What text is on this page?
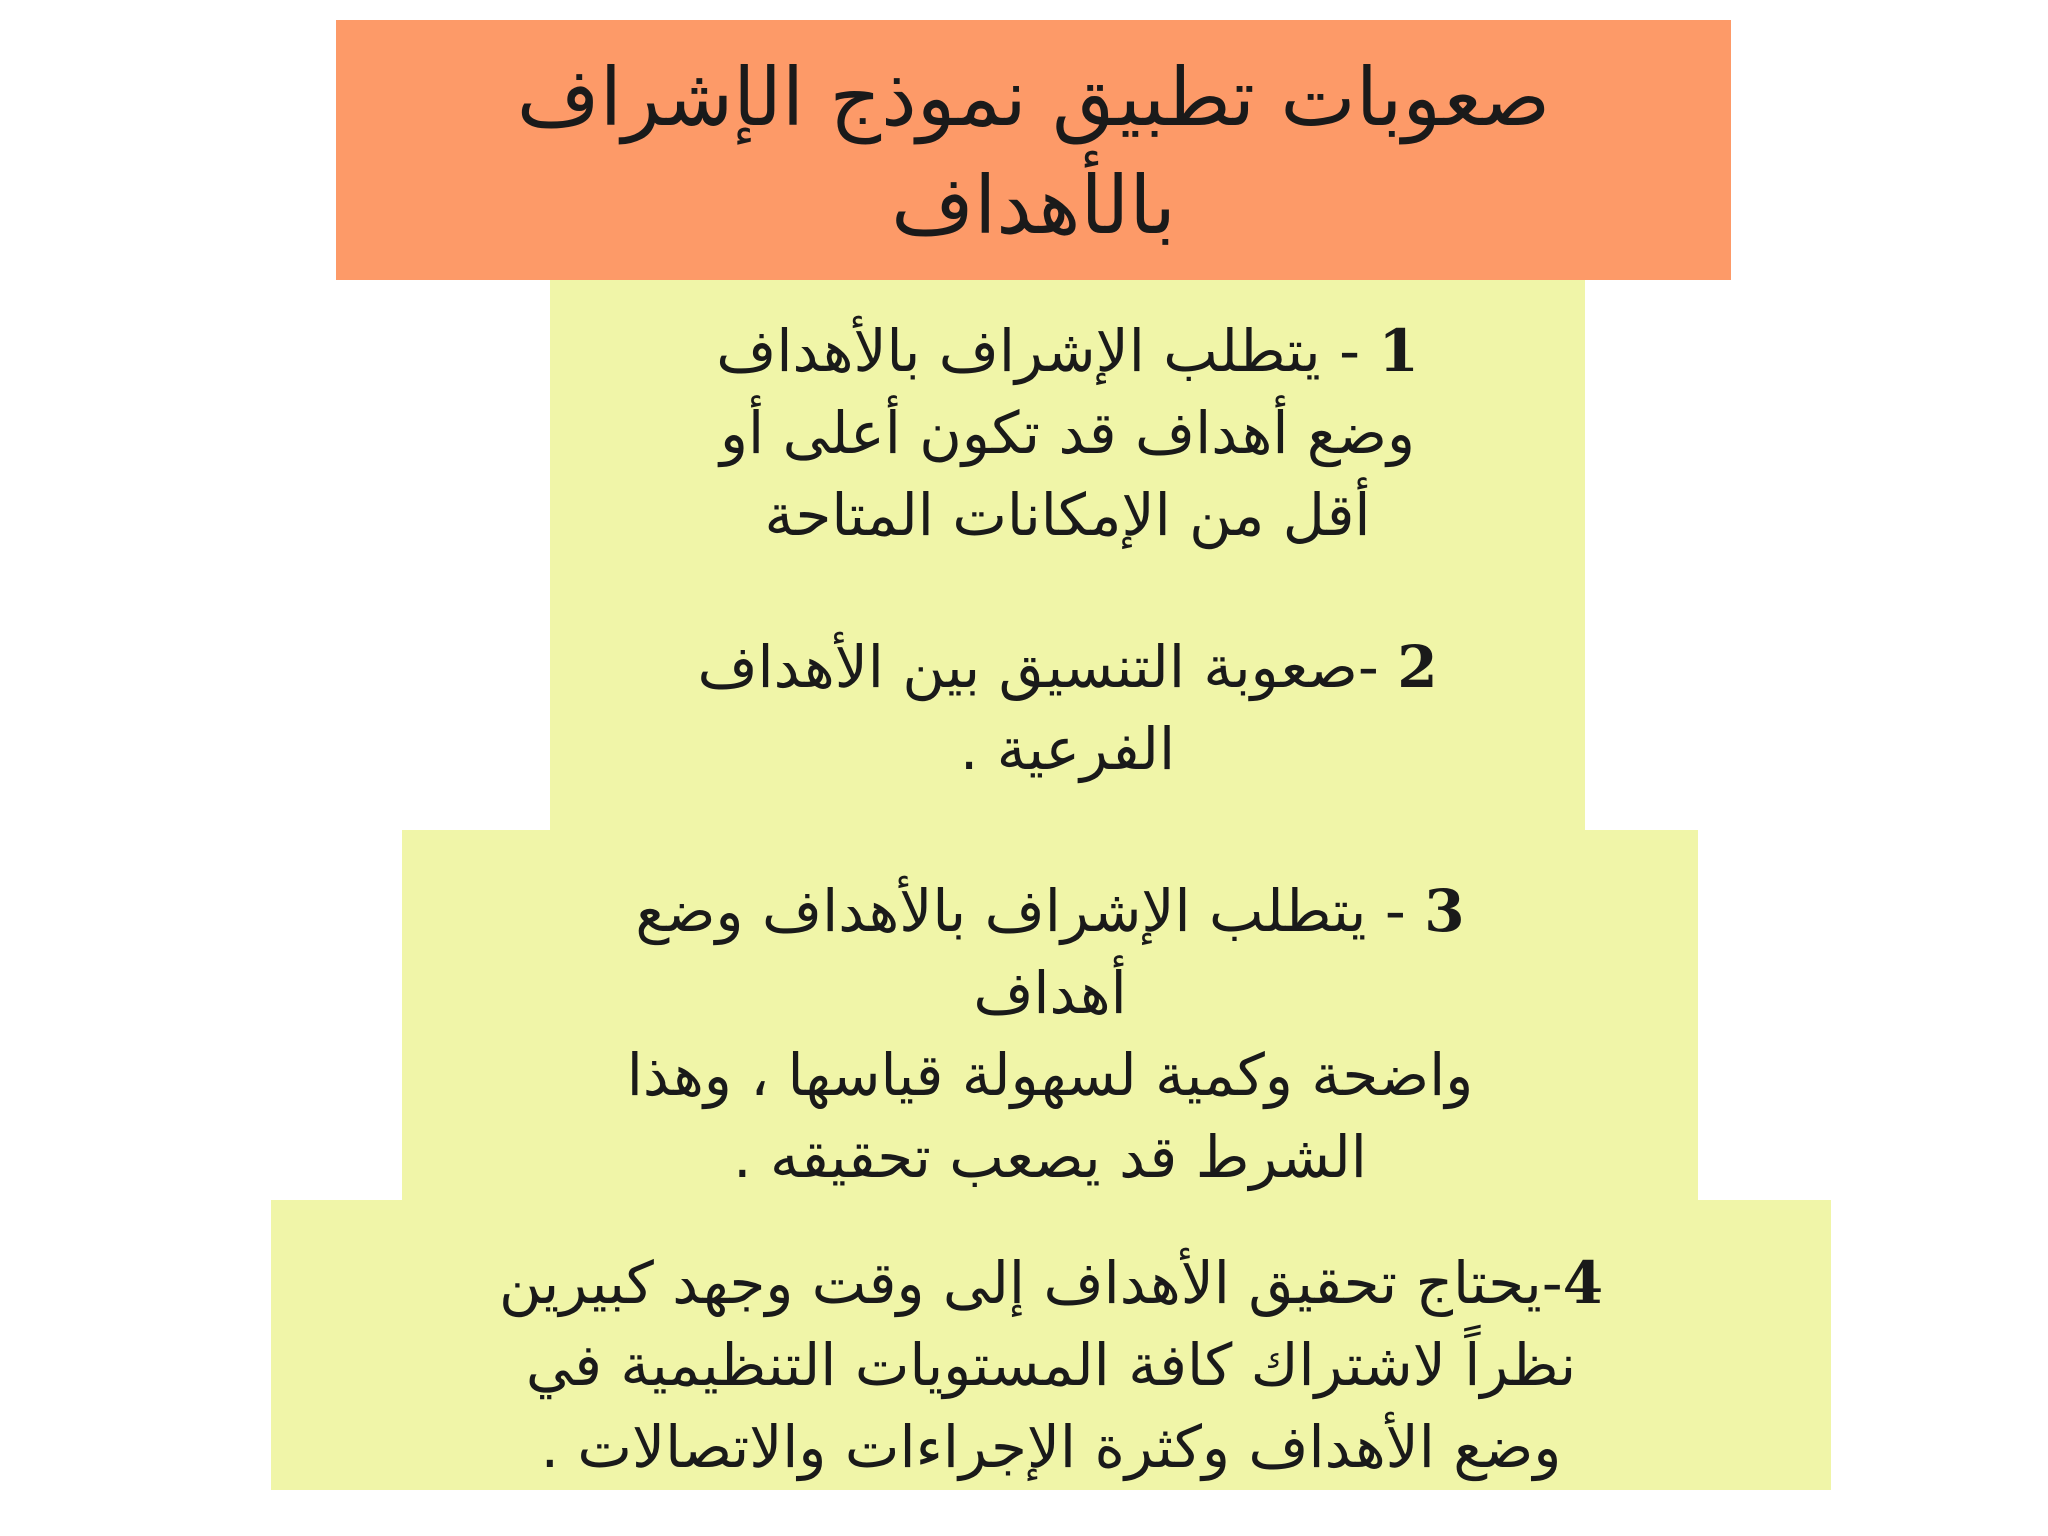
صعوبات تطبيق نموذج الإشراف
بالأهداف
1 - يتطلب الإشراف بالأهداف
وضع أهداف قد تكون أعلى أو
أقل من الإمكانات المتاحة
2 -صعوبة التنسيق بين الأهداف
الفرعية .
3 - يتطلب الإشراف بالأهداف وضع
أهداف
واضحة وكمية لسهولة قياسها ، وهذا
الشرط قد يصعب تحقيقه .
4-يحتاج تحقيق الأهداف إلى وقت وجهد كبيرين
نظراً لاشتراك كافة المستويات التنظيمية في
وضع الأهداف وكثرة الإجراءات والاتصالات .
